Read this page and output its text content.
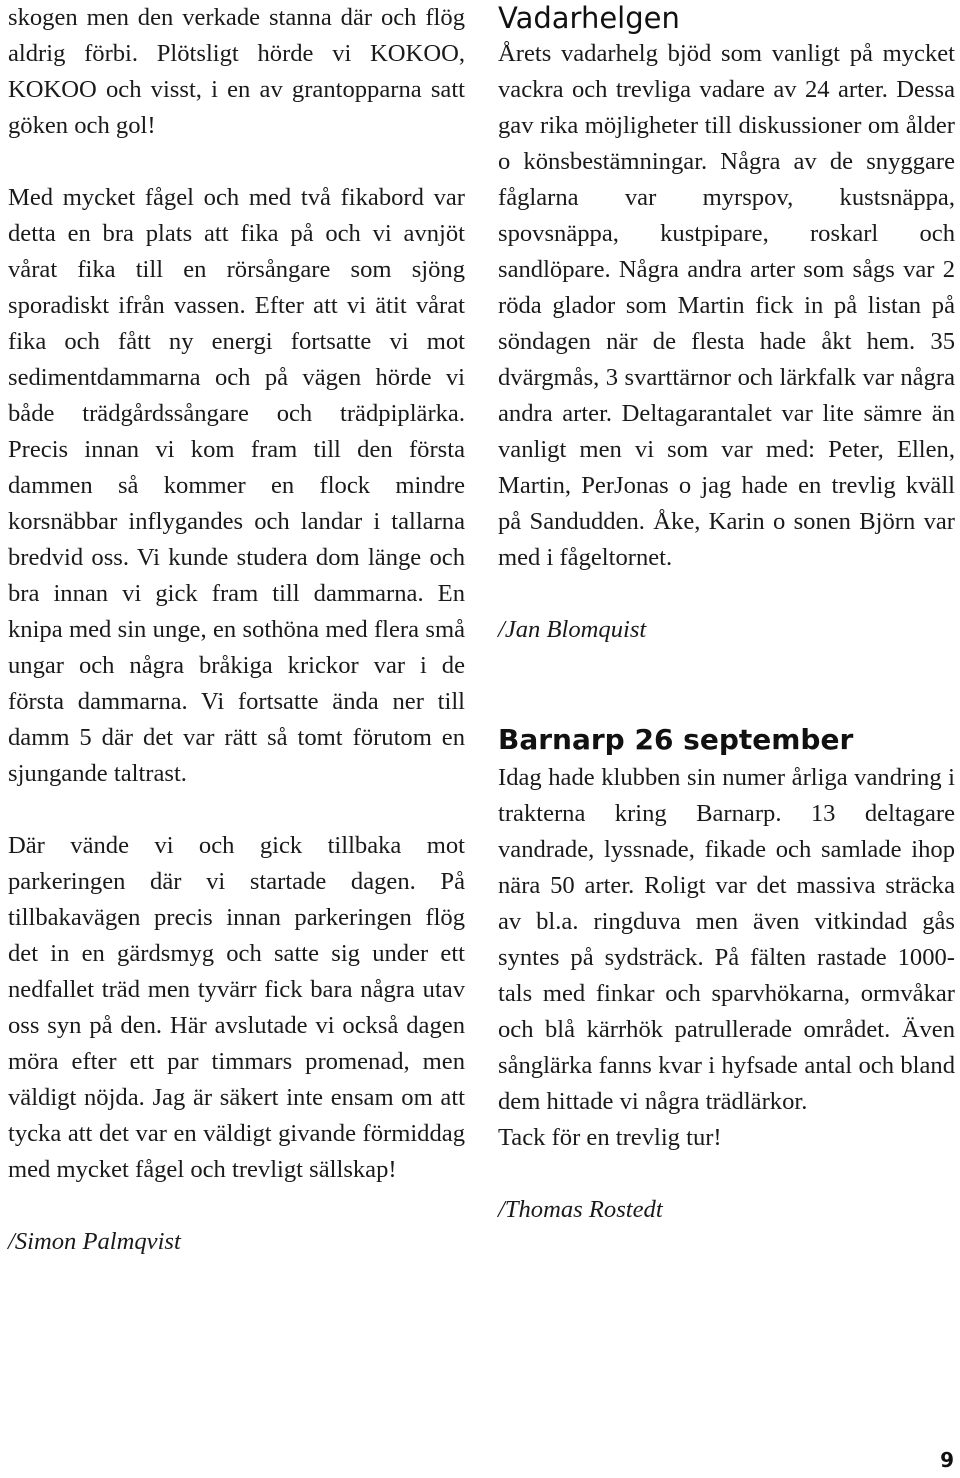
skogen men den verkade stanna där och flög aldrig förbi. Plötsligt hörde vi KOKOO, KOKOO och visst, i en av grantopparna satt göken och gol!

Med mycket fågel och med två fikabord var detta en bra plats att fika på och vi avnjöt vårat fika till en rörsångare som sjöng sporadiskt ifrån vassen. Efter att vi ätit vårat fika och fått ny energi fortsatte vi mot sedimentdammarna och på vägen hörde vi både trädgårdssångare och trädpiplärka. Precis innan vi kom fram till den första dammen så kommer en flock mindre korsnäbbar inflygandes och landar i tallarna bredvid oss. Vi kunde studera dom länge och bra innan vi gick fram till dammarna. En knipa med sin unge, en sothöna med flera små ungar och några bråkiga krickor var i de första dammarna. Vi fortsatte ända ner till damm 5 där det var rätt så tomt förutom en sjungande taltrast.

Där vände vi och gick tillbaka mot parkeringen där vi startade dagen. På tillbakavägen precis innan parkeringen flög det in en gärdsmyg och satte sig under ett nedfallet träd men tyvärr fick bara några utav oss syn på den. Här avslutade vi också dagen möra efter ett par timmars promenad, men väldigt nöjda. Jag är säkert inte ensam om att tycka att det var en väldigt givande förmiddag med mycket fågel och trevligt sällskap!

/Simon Palmqvist

Vadarhelgen

Årets vadarhelg bjöd som vanligt på mycket vackra och trevliga vadare av 24 arter. Dessa gav rika möjligheter till diskussioner om ålder o könsbestämningar. Några av de snyggare fåglarna var myrspov, kustsnäppa, spovsnäppa, kustpipare, roskarl och sandlöpare. Några andra arter som sågs var 2 röda glador som Martin fick in på listan på söndagen när de flesta hade åkt hem. 35 dvärgmås, 3 svarttärnor och lärkfalk var några andra arter. Deltagarantalet var lite sämre än vanligt men vi som var med: Peter, Ellen, Martin, PerJonas o jag hade en trevlig kväll på Sandudden. Åke, Karin o sonen Björn var med i fågeltornet.

/Jan Blomquist

Barnarp 26 september

Idag hade klubben sin numer årliga vandring i trakterna kring Barnarp. 13 deltagare vandrade, lyssnade, fikade och samlade ihop nära 50 arter. Roligt var det massiva sträcka av bl.a. ringduva men även vitkindad gås syntes på sydsträck. På fälten rastade 1000-tals med finkar och sparvhökarna, ormvåkar och blå kärrhök patrullerade området. Även sånglärka fanns kvar i hyfsade antal och bland dem hittade vi några trädlärkor.

Tack för en trevlig tur!

/Thomas Rostedt

9
